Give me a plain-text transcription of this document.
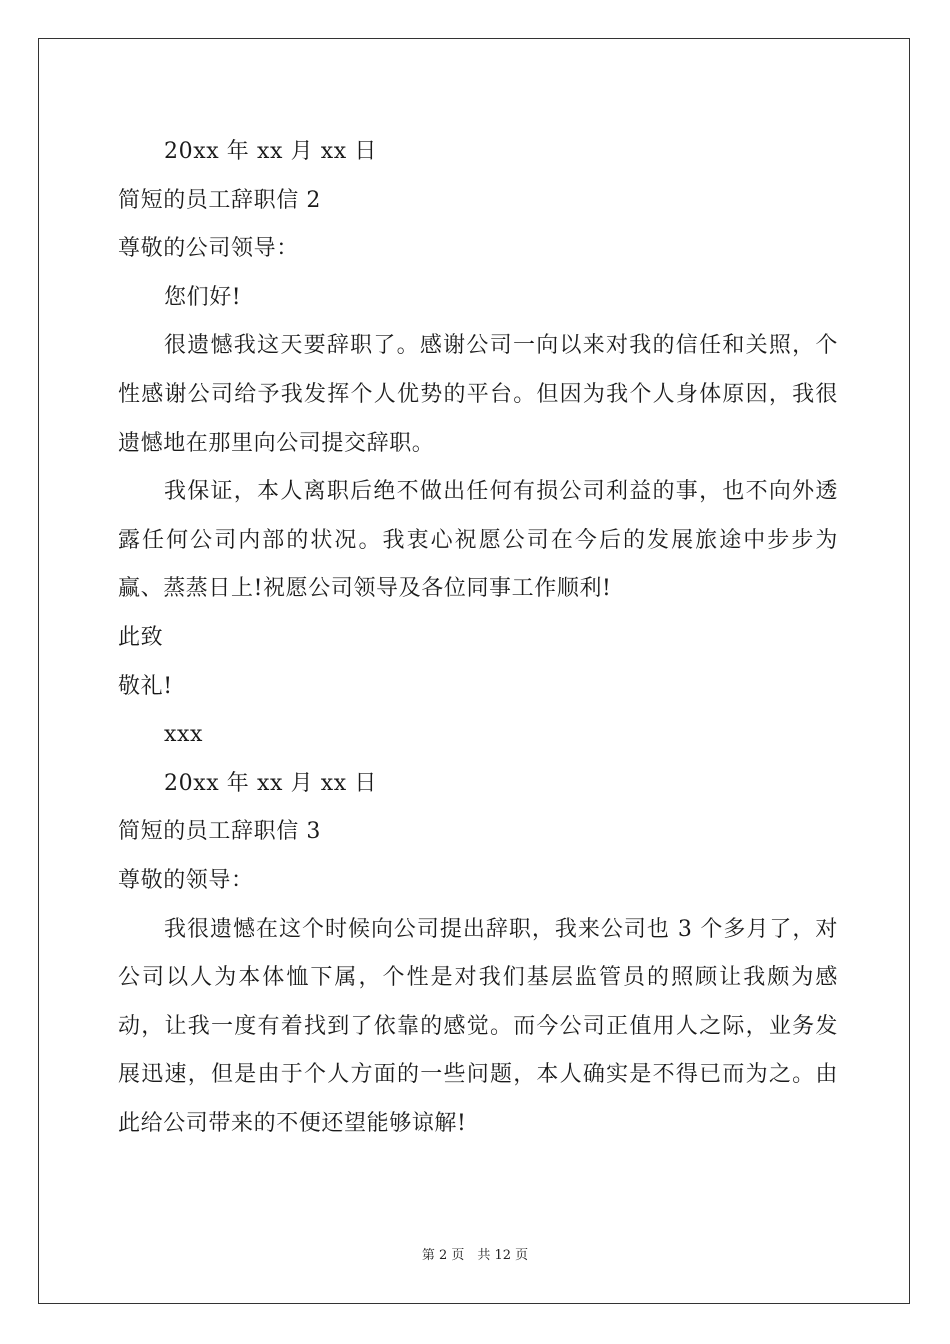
20xx 年 xx 月 xx 日
简短的员工辞职信 2
尊敬的公司领导：
您们好!

很遗憾我这天要辞职了。感谢公司一向以来对我的信任和关照，个性感谢公司给予我发挥个人优势的平台。但因为我个人身体原因，我很遗憾地在那里向公司提交辞职。

我保证，本人离职后绝不做出任何有损公司利益的事，也不向外透露任何公司内部的状况。我衷心祝愿公司在今后的发展旅途中步步为赢、蒸蒸日上!祝愿公司领导及各位同事工作顺利!

此致
敬礼!
xxx
20xx 年 xx 月 xx 日
简短的员工辞职信 3
尊敬的领导：

我很遗憾在这个时候向公司提出辞职，我来公司也 3 个多月了，对公司以人为本体恤下属，个性是对我们基层监管员的照顾让我颇为感动，让我一度有着找到了依靠的感觉。而今公司正值用人之际，业务发展迅速，但是由于个人方面的一些问题，本人确实是不得已而为之。由此给公司带来的不便还望能够谅解!

第 2 页　共 12 页
